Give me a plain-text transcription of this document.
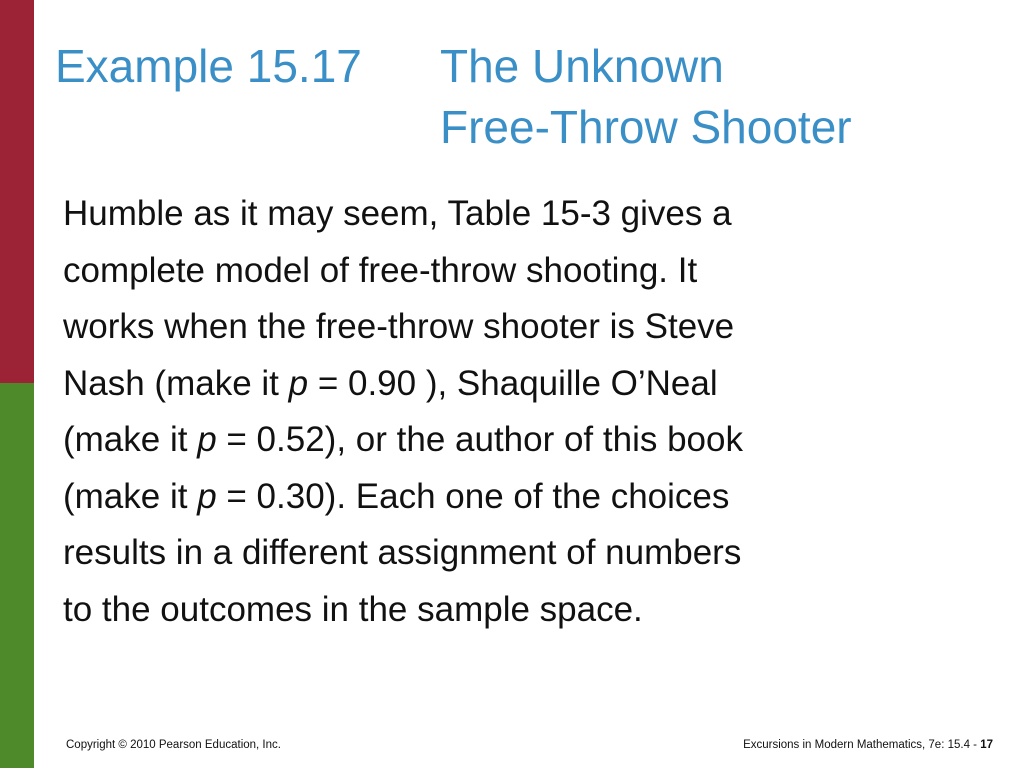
Example 15.17 The Unknown
Free-Throw Shooter

Humble as it may seem, Table 15-3 gives a

complete model of free-throw shooting. It

works when the free-throw shooter is Steve

Nash (make it p = 0.90 ), Shaquille O’Neal

(make it p = 0.52), or the author of this book

(make it p = 0.30). Each one of the choices

results in a different assignment of numbers

to the outcomes in the sample space.

Copyright © 2010 Pearson Education, Inc.	Excursions in Modern Mathematics, 7e: 15.4 - 17
